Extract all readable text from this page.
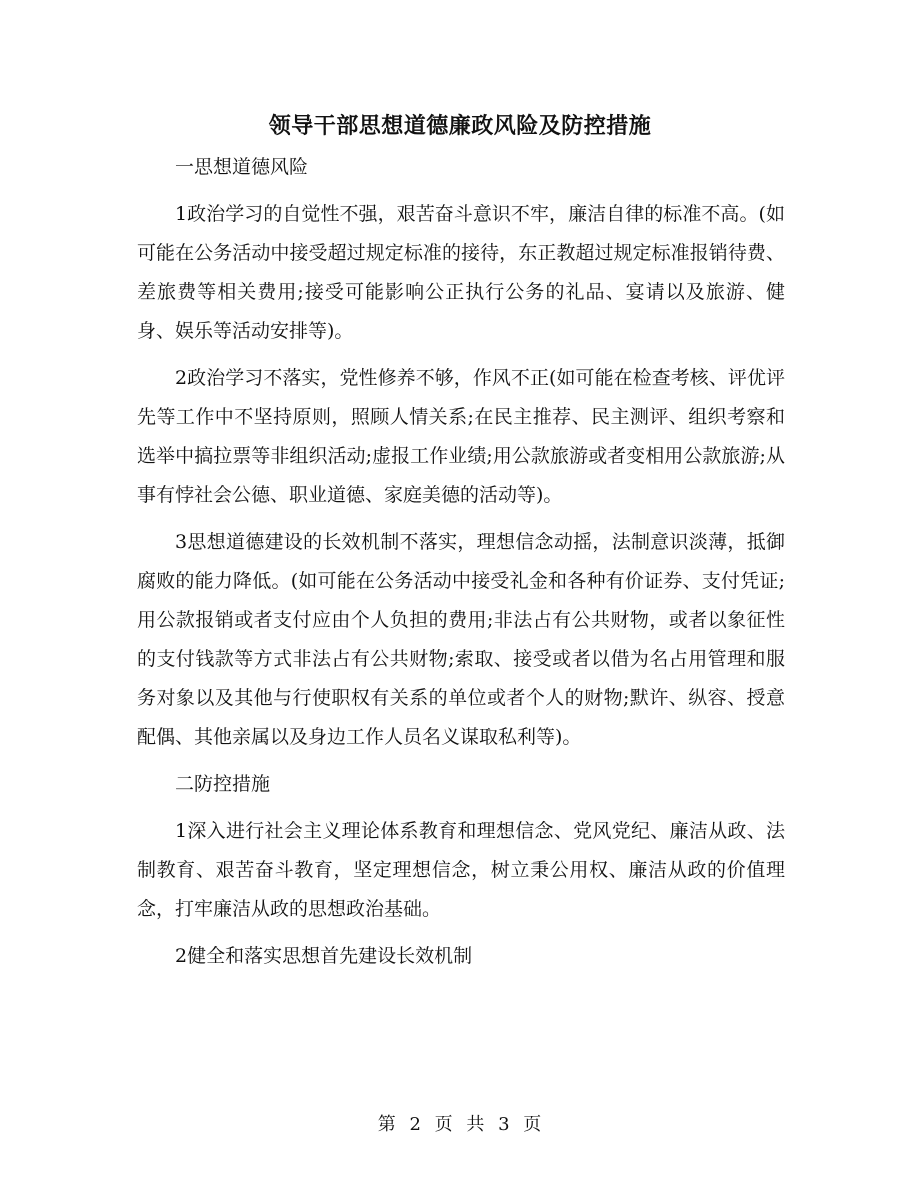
领导干部思想道德廉政风险及防控措施

一思想道德风险

1政治学习的自觉性不强，艰苦奋斗意识不牢，廉洁自律的标准不高。(如可能在公务活动中接受超过规定标准的接待，东正教超过规定标准报销待费、差旅费等相关费用;接受可能影响公正执行公务的礼品、宴请以及旅游、健身、娱乐等活动安排等)。

2政治学习不落实，党性修养不够，作风不正(如可能在检查考核、评优评先等工作中不坚持原则，照顾人情关系;在民主推荐、民主测评、组织考察和选举中搞拉票等非组织活动;虚报工作业绩;用公款旅游或者变相用公款旅游;从事有悖社会公德、职业道德、家庭美德的活动等)。

3思想道德建设的长效机制不落实，理想信念动摇，法制意识淡薄，抵御腐败的能力降低。(如可能在公务活动中接受礼金和各种有价证券、支付凭证;用公款报销或者支付应由个人负担的费用;非法占有公共财物，或者以象征性的支付钱款等方式非法占有公共财物;索取、接受或者以借为名占用管理和服务对象以及其他与行使职权有关系的单位或者个人的财物;默许、纵容、授意配偶、其他亲属以及身边工作人员名义谋取私利等)。

二防控措施

1深入进行社会主义理论体系教育和理想信念、党风党纪、廉洁从政、法制教育、艰苦奋斗教育，坚定理想信念，树立秉公用权、廉洁从政的价值理念，打牢廉洁从政的思想政治基础。

2健全和落实思想首先建设长效机制

第 2 页 共 3 页
